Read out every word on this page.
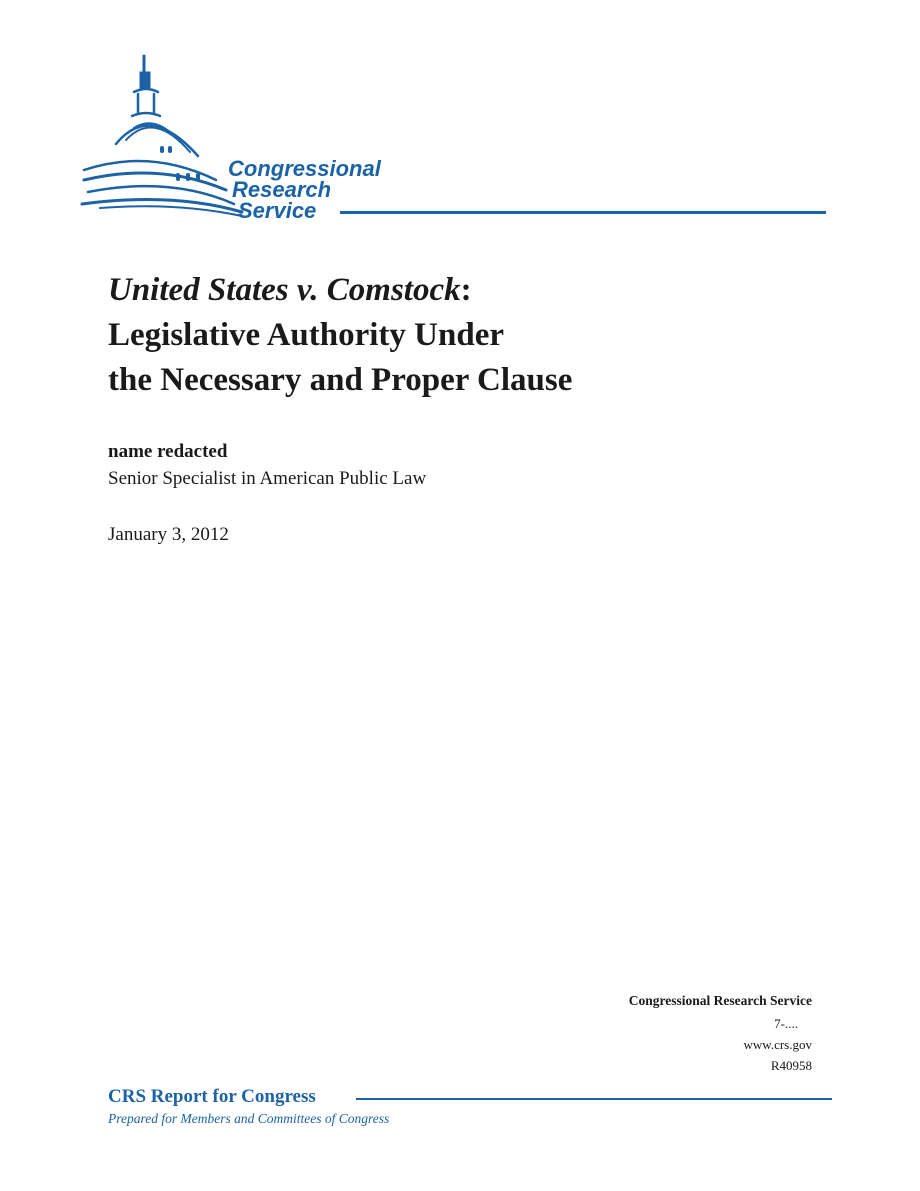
Congressional
Research
Service
United States v. Comstock:
Legislative Authority Under
the Necessary and Proper Clause
name redacted
Senior Specialist in American Public Law
January 3, 2012
Congressional Research Service
7-....
www.crs.gov
R40958
CRS Report for Congress
Prepared for Members and Committees of Congress
